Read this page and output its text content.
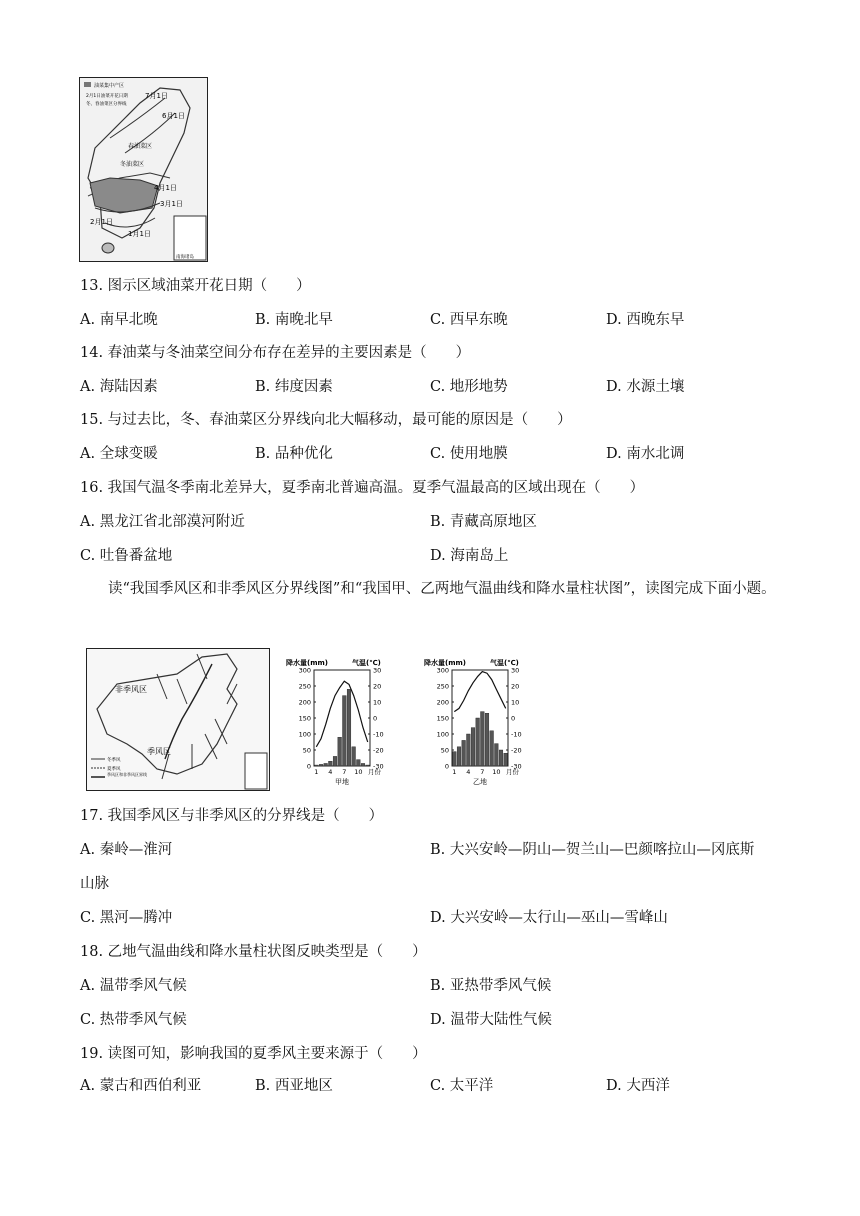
油菜集中产区
2月1日油菜开花日期
冬、春油菜区分界线
7月1日
6月1日
春油菜区
冬油菜区
4月1日
3月1日
2月1日
1月1日
南海诸岛
13. 图示区域油菜开花日期（　　）
A. 南早北晚	B. 南晚北早	C. 西早东晚	D. 西晚东早
14. 春油菜与冬油菜空间分布存在差异的主要因素是（　　）
A. 海陆因素	B. 纬度因素	C. 地形地势	D. 水源土壤
15. 与过去比，冬、春油菜区分界线向北大幅移动，最可能的原因是（　　）
A. 全球变暖	B. 品种优化	C. 使用地膜	D. 南水北调
16. 我国气温冬季南北差异大，夏季南北普遍高温。夏季气温最高的区域出现在（　　）
A. 黑龙江省北部漠河附近	B. 青藏高原地区
C. 吐鲁番盆地	D. 海南岛上
读“我国季风区和非季风区分界线图”和“我国甲、乙两地气温曲线和降水量柱状图”，读图完成下面小题。
非季风区
季风区
冬季风
夏季风
季风区和非季风区界线
降水量(mm)	气温(℃)
300
250
200
150
100
50
0
30
20
10
0
-10
-20
-30
1 4 7 10 月份
甲地
降水量(mm)	气温(℃)
300
250
200
150
100
50
0
30
20
10
0
-10
-20
-30
1 4 7 10 月份
乙地
17. 我国季风区与非季风区的分界线是（　　）
A. 秦岭—淮河	B. 大兴安岭—阴山—贺兰山—巴颜喀拉山—冈底斯
山脉
C. 黑河—腾冲	D. 大兴安岭—太行山—巫山—雪峰山
18. 乙地气温曲线和降水量柱状图反映类型是（　　）
A. 温带季风气候	B. 亚热带季风气候
C. 热带季风气候	D. 温带大陆性气候
19. 读图可知，影响我国的夏季风主要来源于（　　）
A. 蒙古和西伯利亚	B. 西亚地区	C. 太平洋	D. 大西洋
